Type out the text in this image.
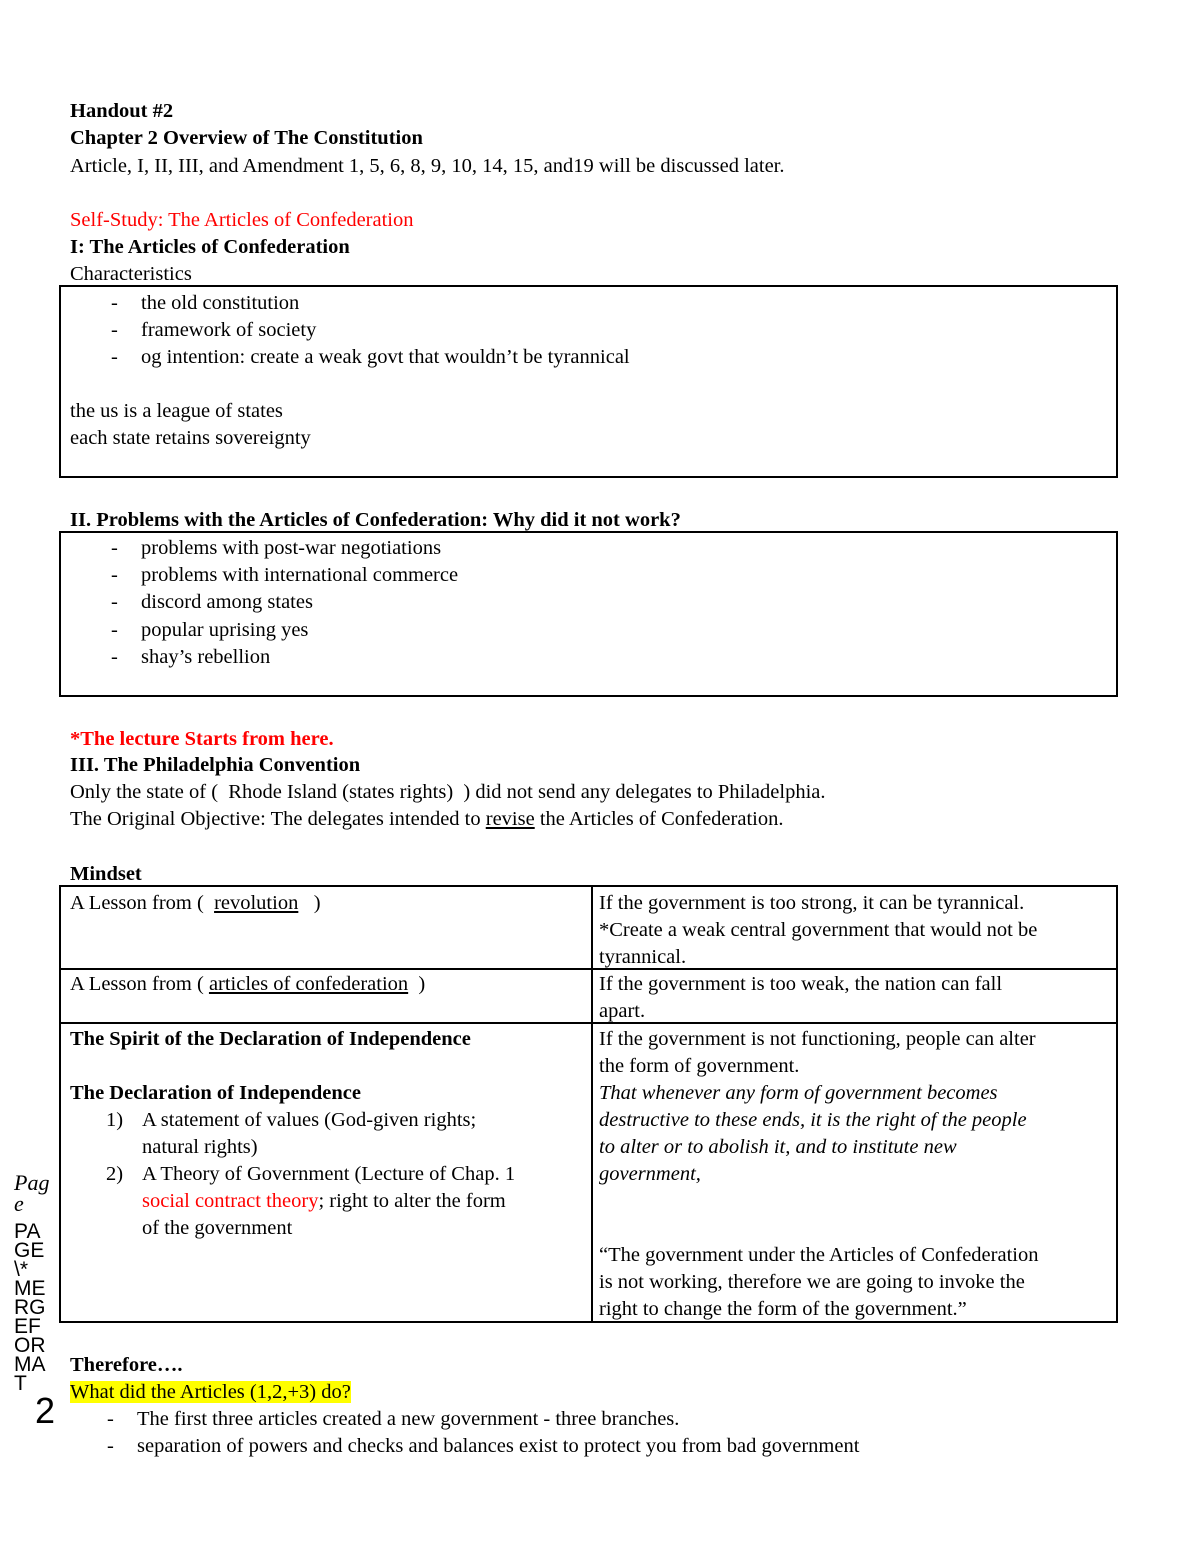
Handout #2
Chapter 2 Overview of The Constitution
Article, I, II, III, and Amendment 1, 5, 6, 8, 9, 10, 14, 15, and19 will be discussed later.
Self-Study: The Articles of Confederation
I: The Articles of Confederation
Characteristics
- the old constitution
- framework of society
- og intention: create a weak govt that wouldn’t be tyrannical
the us is a league of states
each state retains sovereignty
II. Problems with the Articles of Confederation: Why did it not work?
- problems with post-war negotiations
- problems with international commerce
- discord among states
- popular uprising yes
- shay’s rebellion
*The lecture Starts from here.
III. The Philadelphia Convention
Only the state of ( Rhode Island (states rights) ) did not send any delegates to Philadelphia.
The Original Objective: The delegates intended to revise the Articles of Confederation.
Mindset
A Lesson from ( revolution )	If the government is too strong, it can be tyrannical.
*Create a weak central government that would not be
tyrannical.
A Lesson from ( articles of confederation )	If the government is too weak, the nation can fall
apart.
The Spirit of the Declaration of Independence
The Declaration of Independence
1) A statement of values (God-given rights;
natural rights)
2) A Theory of Government (Lecture of Chap. 1
social contract theory; right to alter the form
of the government
If the government is not functioning, people can alter
the form of government.
That whenever any form of government becomes
destructive to these ends, it is the right of the people
to alter or to abolish it, and to institute new
government,
“The government under the Articles of Confederation
is not working, therefore we are going to invoke the
right to change the form of the government.”
Therefore….
What did the Articles (1,2,+3) do?
- The first three articles created a new government - three branches.
- separation of powers and checks and balances exist to protect you from bad government
Pag
e
PA
GE
\*
ME
RG
EF
OR
MA
T
2
